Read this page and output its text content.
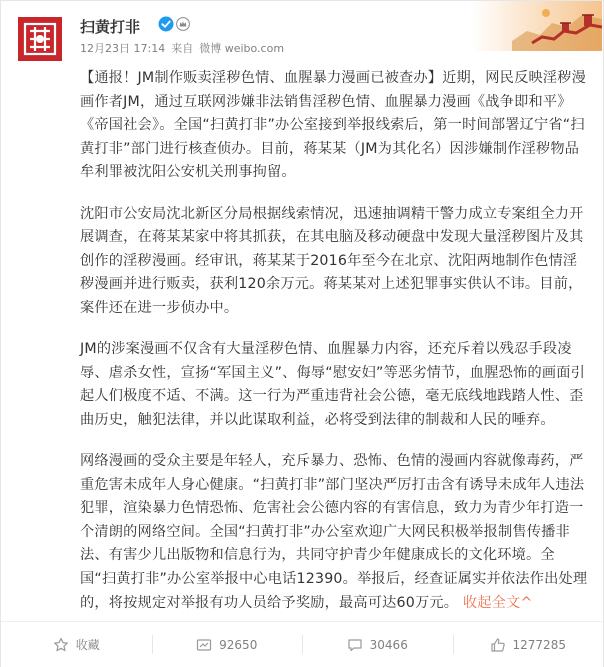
扫黄打非
12月23日 17:14 来自 微博 weibo.com

【通报！JM制作贩卖淫秽色情、血腥暴力漫画已被查办】近期，网民反映淫秽漫画作者JM，通过互联网涉嫌非法销售淫秽色情、血腥暴力漫画《战争即和平》《帝国社会》。全国“扫黄打非”办公室接到举报线索后，第一时间部署辽宁省“扫黄打非”部门进行核查侦办。目前，蒋某某（JM为其化名）因涉嫌制作淫秽物品牟利罪被沈阳公安机关刑事拘留。

沈阳市公安局沈北新区分局根据线索情况，迅速抽调精干警力成立专案组全力开展调查，在蒋某某家中将其抓获，在其电脑及移动硬盘中发现大量淫秽图片及其创作的淫秽漫画。经审讯，蒋某某于2016年至今在北京、沈阳两地制作色情淫秽漫画并进行贩卖，获利120余万元。蒋某某对上述犯罪事实供认不讳。目前，案件还在进一步侦办中。

JM的涉案漫画不仅含有大量淫秽色情、血腥暴力内容，还充斥着以残忍手段凌辱、虐杀女性，宣扬“军国主义”、侮辱“慰安妇”等恶劣情节，血腥恐怖的画面引起人们极度不适、不满。这一行为严重违背社会公德，毫无底线地践踏人性、歪曲历史，触犯法律，并以此谋取利益，必将受到法律的制裁和人民的唾弃。

网络漫画的受众主要是年轻人，充斥暴力、恐怖、色情的漫画内容就像毒药，严重危害未成年人身心健康。“扫黄打非”部门坚决严厉打击含有诱导未成年人违法犯罪，渲染暴力色情恐怖、危害社会公德内容的有害信息，致力为青少年打造一个清朗的网络空间。全国“扫黄打非”办公室欢迎广大网民积极举报制售传播非法、有害少儿出版物和信息行为，共同守护青少年健康成长的文化环境。全国“扫黄打非”办公室举报中心电话12390。举报后，经查证属实并依法作出处理的，将按规定对举报有功人员给予奖励，最高可达60万元。 收起全文^

收藏	92650	30466	1277285
